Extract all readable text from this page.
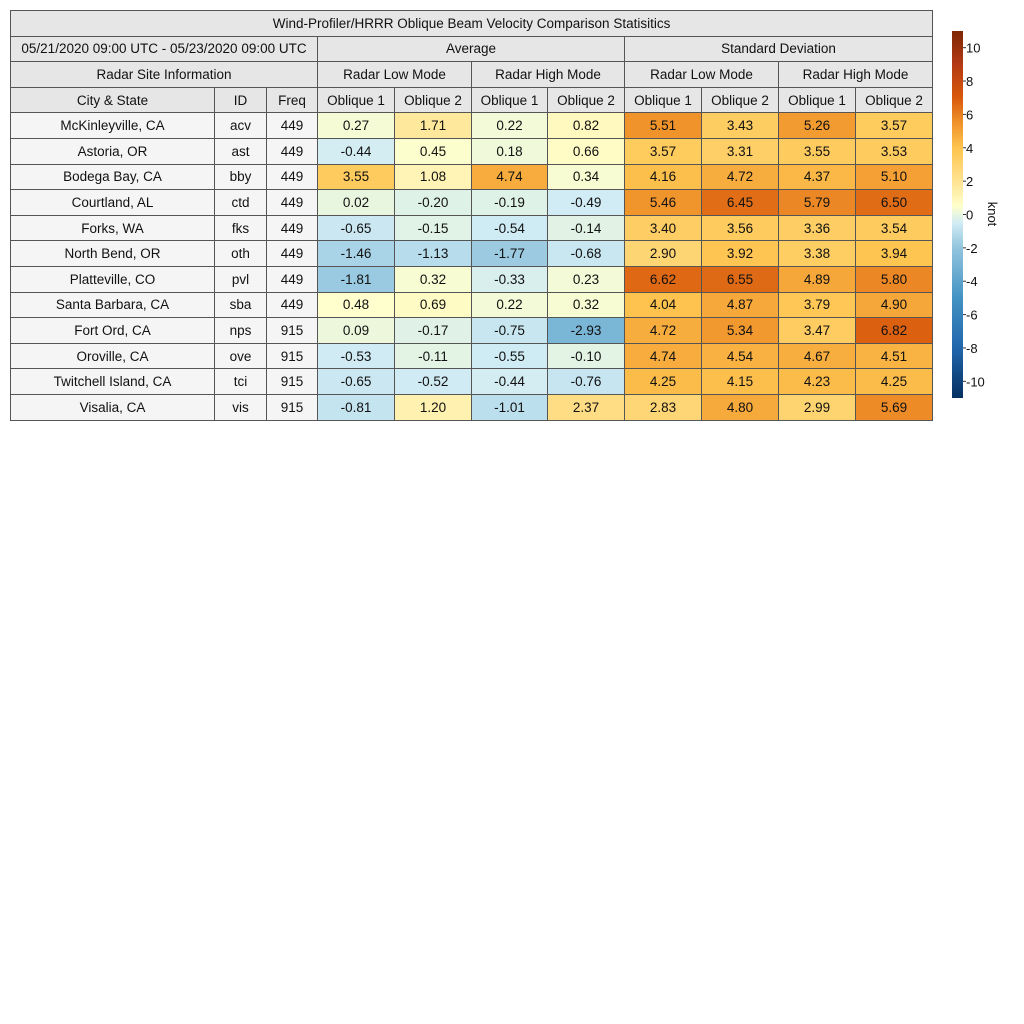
Wind-Profiler/HRRR Oblique Beam Velocity Comparison Statisitics										
05/21/2020 09:00 UTC - 05/23/2020 09:00 UTC			Average				Standard Deviation			
Radar Site Information			Radar Low Mode		Radar High Mode		Radar Low Mode		Radar High Mode	
City & State	ID	Freq	Oblique 1	Oblique 2	Oblique 1	Oblique 2	Oblique 1	Oblique 2	Oblique 1	Oblique 2
McKinleyville, CA	acv	449	0.27	1.71	0.22	0.82	5.51	3.43	5.26	3.57
Astoria, OR	ast	449	-0.44	0.45	0.18	0.66	3.57	3.31	3.55	3.53
Bodega Bay, CA	bby	449	3.55	1.08	4.74	0.34	4.16	4.72	4.37	5.10
Courtland, AL	ctd	449	0.02	-0.20	-0.19	-0.49	5.46	6.45	5.79	6.50
Forks, WA	fks	449	-0.65	-0.15	-0.54	-0.14	3.40	3.56	3.36	3.54
North Bend, OR	oth	449	-1.46	-1.13	-1.77	-0.68	2.90	3.92	3.38	3.94
Platteville, CO	pvl	449	-1.81	0.32	-0.33	0.23	6.62	6.55	4.89	5.80
Santa Barbara, CA	sba	449	0.48	0.69	0.22	0.32	4.04	4.87	3.79	4.90
Fort Ord, CA	nps	915	0.09	-0.17	-0.75	-2.93	4.72	5.34	3.47	6.82
Oroville, CA	ove	915	-0.53	-0.11	-0.55	-0.10	4.74	4.54	4.67	4.51
Twitchell Island, CA	tci	915	-0.65	-0.52	-0.44	-0.76	4.25	4.15	4.23	4.25
Visalia, CA	vis	915	-0.81	1.20	-1.01	2.37	2.83	4.80	2.99	5.69
10
8
6
4
2
0
-2
-4
-6
-8
-10
knot
